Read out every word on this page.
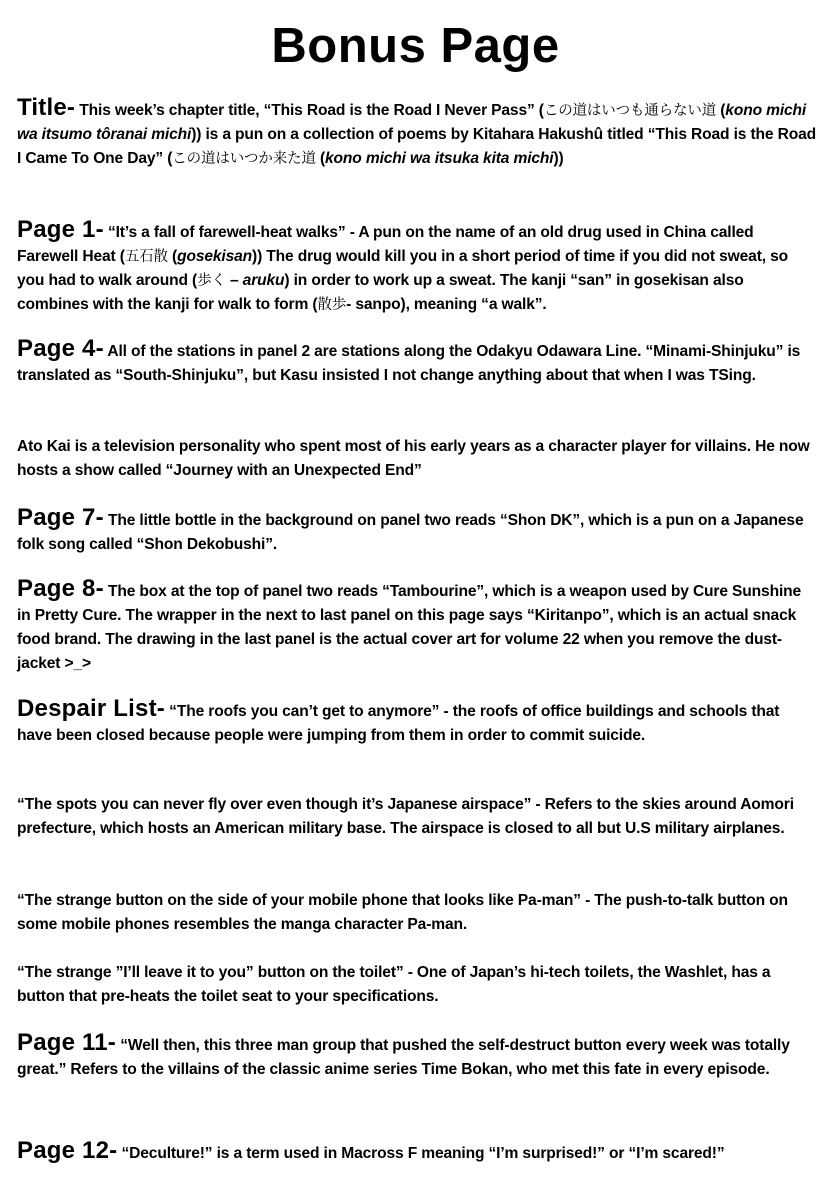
Bonus Page
Title- This week’s chapter title, “This Road is the Road I Never Pass” (この道はいつも通らない道 (kono michi wa itsumo tôranai michi)) is a pun on a collection of poems by Kitahara Hakushû titled “This Road is the Road I Came To One Day” (この道はいつか来た道 (kono michi wa itsuka kita michi))
Page 1- “It’s a fall of farewell-heat walks” - A pun on the name of an old drug used in China called Farewell Heat (五石散 (gosekisan)) The drug would kill you in a short period of time if you did not sweat, so you had to walk around (歩く – aruku) in order to work up a sweat. The kanji “san” in gosekisan also combines with the kanji for walk to form (散歩- sanpo), meaning “a walk”.
Page 4- All of the stations in panel 2 are stations along the Odakyu Odawara Line. “Minami-Shinjuku” is translated as “South-Shinjuku”, but Kasu insisted I not change anything about that when I was TSing.
Ato Kai is a television personality who spent most of his early years as a character player for villains. He now hosts a show called “Journey with an Unexpected End”
Page 7- The little bottle in the background on panel two reads “Shon DK”, which is a pun on a Japanese folk song called “Shon Dekobushi”.
Page 8- The box at the top of panel two reads “Tambourine”, which is a weapon used by Cure Sunshine in Pretty Cure. The wrapper in the next to last panel on this page says “Kiritanpo”, which is an actual snack food brand. The drawing in the last panel is the actual cover art for volume 22 when you remove the dust-jacket >_>
Despair List- “The roofs you can’t get to anymore” - the roofs of office buildings and schools that have been closed because people were jumping from them in order to commit suicide.
“The spots you can never fly over even though it’s Japanese airspace” - Refers to the skies around Aomori prefecture, which hosts an American military base. The airspace is closed to all but U.S military airplanes.
“The strange button on the side of your mobile phone that looks like Pa-man” - The push-to-talk button on some mobile phones resembles the manga character Pa-man.
“The strange ”I’ll leave it to you” button on the toilet” - One of Japan’s hi-tech toilets, the Washlet, has a button that pre-heats the toilet seat to your specifications.
Page 11- “Well then, this three man group that pushed the self-destruct button every week was totally great.” Refers to the villains of the classic anime series Time Bokan, who met this fate in every episode.
Page 12- “Deculture!” is a term used in Macross F meaning “I’m surprised!” or “I’m scared!”
